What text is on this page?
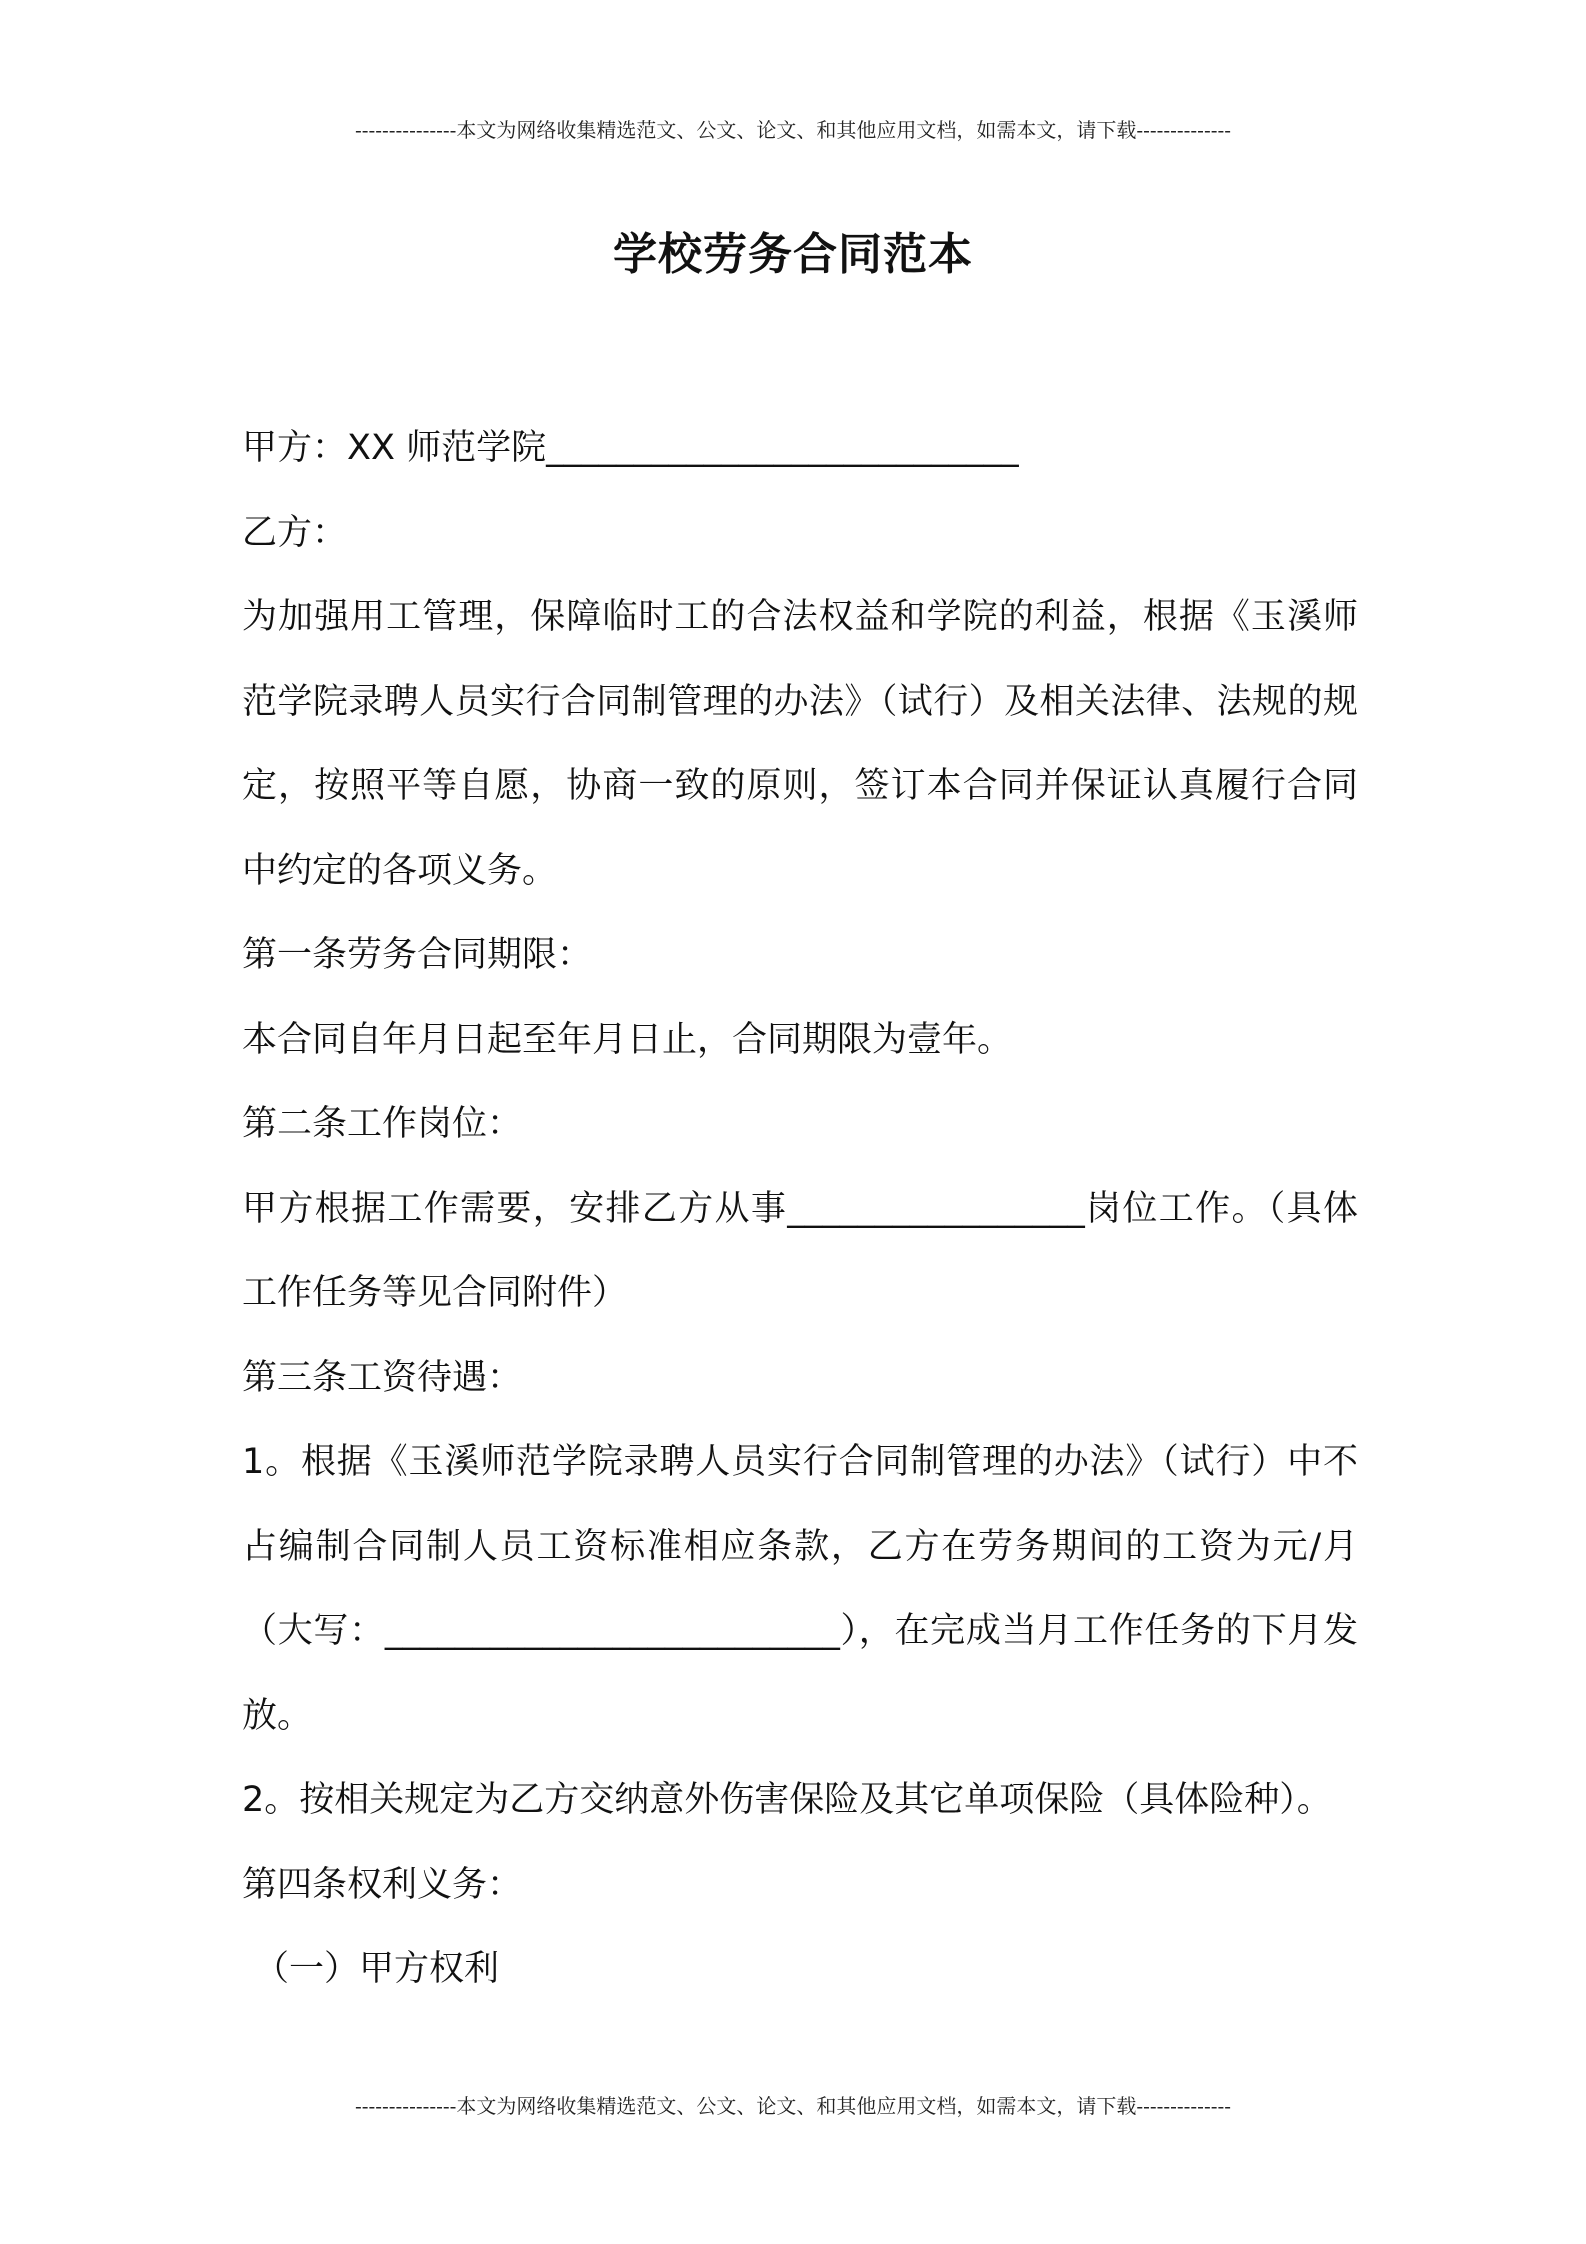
---------------本文为网络收集精选范文、公文、论文、和其他应用文档，如需本文，请下载--------------
学校劳务合同范本

甲方：XX 师范学院___________________________

乙方：

为加强用工管理，保障临时工的合法权益和学院的利益，根据《玉溪师范学院录聘人员实行合同制管理的办法》（试行）及相关法律、法规的规定，按照平等自愿，协商一致的原则，签订本合同并保证认真履行合同中约定的各项义务。

第一条劳务合同期限：

本合同自年月日起至年月日止，合同期限为壹年。

第二条工作岗位：

甲方根据工作需要，安排乙方从事_________________岗位工作。（具体工作任务等见合同附件）

第三条工资待遇：

1。根据《玉溪师范学院录聘人员实行合同制管理的办法》（试行）中不占编制合同制人员工资标准相应条款，乙方在劳务期间的工资为元/月（大写：__________________________），在完成当月工作任务的下月发放。

2。按相关规定为乙方交纳意外伤害保险及其它单项保险（具体险种）。

第四条权利义务：

（一）甲方权利

---------------本文为网络收集精选范文、公文、论文、和其他应用文档，如需本文，请下载--------------
